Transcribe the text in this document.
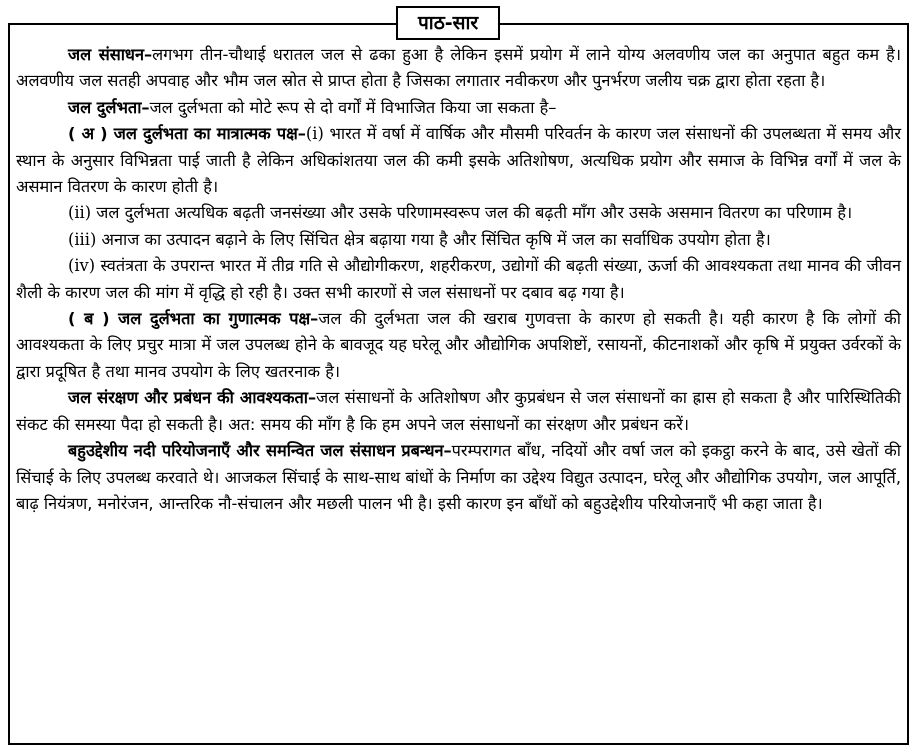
पाठ-सार

जल संसाधन–लगभग तीन-चौथाई धरातल जल से ढका हुआ है लेकिन इसमें प्रयोग में लाने योग्य अलवणीय जल का अनुपात बहुत कम है। अलवणीय जल सतही अपवाह और भौम जल स्रोत से प्राप्त होता है जिसका लगातार नवीकरण और पुनर्भरण जलीय चक्र द्वारा होता रहता है।

जल दुर्लभता–जल दुर्लभता को मोटे रूप से दो वर्गों में विभाजित किया जा सकता है–

( अ ) जल दुर्लभता का मात्रात्मक पक्ष–(i) भारत में वर्षा में वार्षिक और मौसमी परिवर्तन के कारण जल संसाधनों की उपलब्धता में समय और स्थान के अनुसार विभिन्नता पाई जाती है लेकिन अधिकांशतया जल की कमी इसके अतिशोषण, अत्यधिक प्रयोग और समाज के विभिन्न वर्गों में जल के असमान वितरण के कारण होती है।

(ii) जल दुर्लभता अत्यधिक बढ़ती जनसंख्या और उसके परिणामस्वरूप जल की बढ़ती माँग और उसके असमान वितरण का परिणाम है।

(iii) अनाज का उत्पादन बढ़ाने के लिए सिंचित क्षेत्र बढ़ाया गया है और सिंचित कृषि में जल का सर्वाधिक उपयोग होता है।

(iv) स्वतंत्रता के उपरान्त भारत में तीव्र गति से औद्योगीकरण, शहरीकरण, उद्योगों की बढ़ती संख्या, ऊर्जा की आवश्यकता तथा मानव की जीवन शैली के कारण जल की मांग में वृद्धि हो रही है। उक्त सभी कारणों से जल संसाधनों पर दबाव बढ़ गया है।

( ब ) जल दुर्लभता का गुणात्मक पक्ष–जल की दुर्लभता जल की खराब गुणवत्ता के कारण हो सकती है। यही कारण है कि लोगों की आवश्यकता के लिए प्रचुर मात्रा में जल उपलब्ध होने के बावजूद यह घरेलू और औद्योगिक अपशिष्टों, रसायनों, कीटनाशकों और कृषि में प्रयुक्त उर्वरकों के द्वारा प्रदूषित है तथा मानव उपयोग के लिए खतरनाक है।

जल संरक्षण और प्रबंधन की आवश्यकता–जल संसाधनों के अतिशोषण और कुप्रबंधन से जल संसाधनों का ह्रास हो सकता है और पारिस्थितिकी संकट की समस्या पैदा हो सकती है। अत: समय की माँग है कि हम अपने जल संसाधनों का संरक्षण और प्रबंधन करें।

बहुउद्देशीय नदी परियोजनाएँ और समन्वित जल संसाधन प्रबन्धन–परम्परागत बाँध, नदियों और वर्षा जल को इकट्ठा करने के बाद, उसे खेतों की सिंचाई के लिए उपलब्ध करवाते थे। आजकल सिंचाई के साथ-साथ बांधों के निर्माण का उद्देश्य विद्युत उत्पादन, घरेलू और औद्योगिक उपयोग, जल आपूर्ति, बाढ़ नियंत्रण, मनोरंजन, आन्तरिक नौ-संचालन और मछली पालन भी है। इसी कारण इन बाँधों को बहुउद्देशीय परियोजनाएँ भी कहा जाता है।
